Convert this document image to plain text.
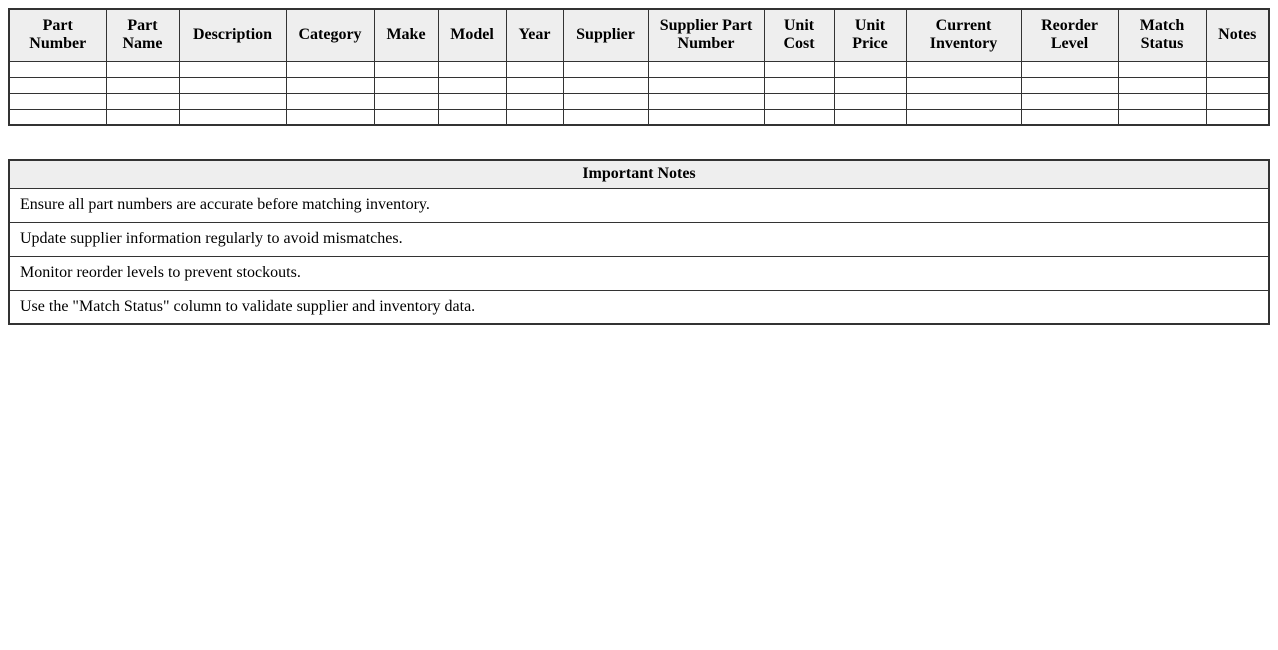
Part Number	Part Name	Description	Category	Make	Model	Year	Supplier	Supplier Part Number	Unit Cost	Unit Price	Current Inventory	Reorder Level	Match Status	Notes

Important Notes
Ensure all part numbers are accurate before matching inventory.
Update supplier information regularly to avoid mismatches.
Monitor reorder levels to prevent stockouts.
Use the "Match Status" column to validate supplier and inventory data.
